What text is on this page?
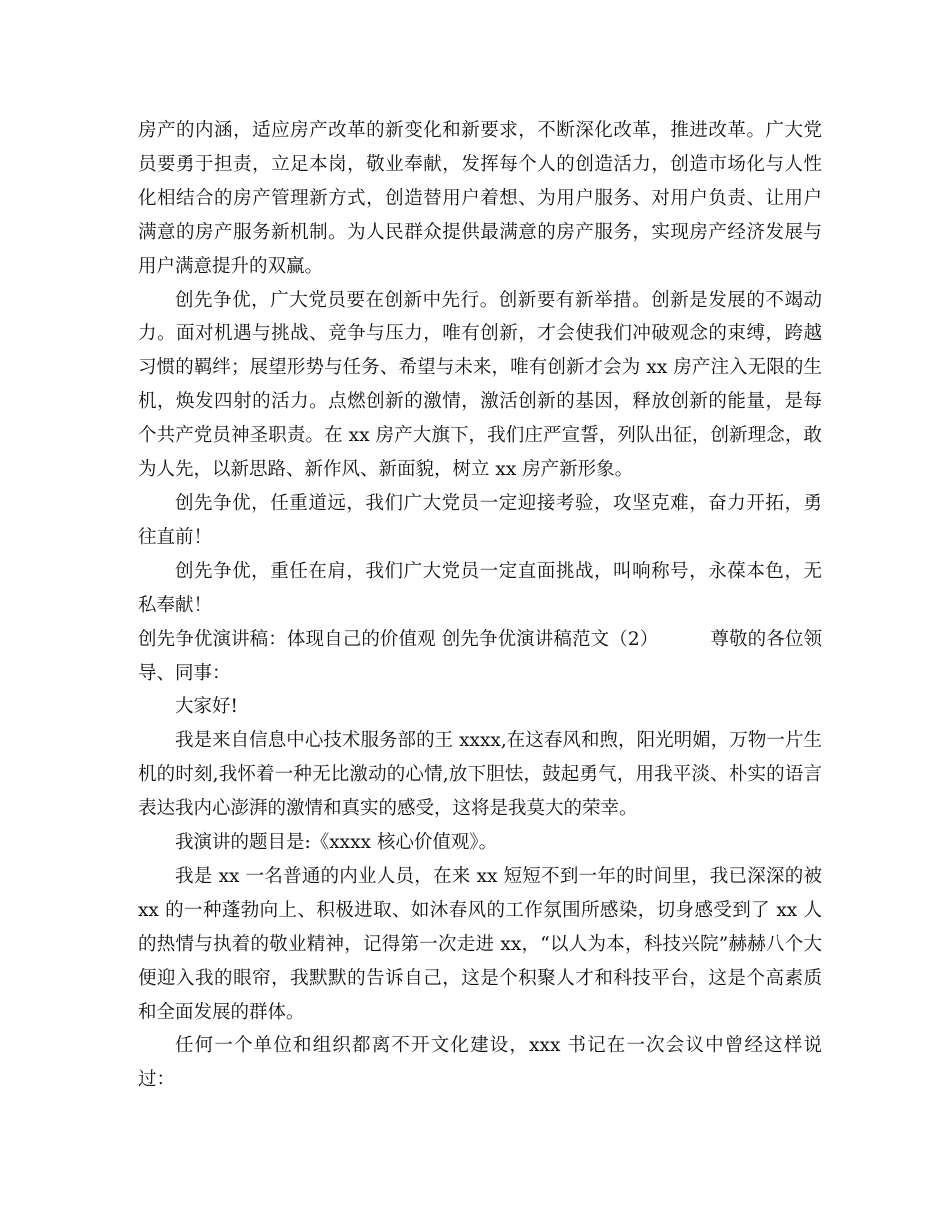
房产的内涵，适应房产改革的新变化和新要求，不断深化改革，推进改革。广大党员要勇于担责，立足本岗，敬业奉献，发挥每个人的创造活力，创造市场化与人性化相结合的房产管理新方式，创造替用户着想、为用户服务、对用户负责、让用户满意的房产服务新机制。为人民群众提供最满意的房产服务，实现房产经济发展与用户满意提升的双赢。

创先争优，广大党员要在创新中先行。创新要有新举措。创新是发展的不竭动力。面对机遇与挑战、竞争与压力，唯有创新，才会使我们冲破观念的束缚，跨越习惯的羁绊；展望形势与任务、希望与未来，唯有创新才会为 xx 房产注入无限的生机，焕发四射的活力。点燃创新的激情，激活创新的基因，释放创新的能量，是每个共产党员神圣职责。在 xx 房产大旗下，我们庄严宣誓，列队出征，创新理念，敢为人先，以新思路、新作风、新面貌，树立 xx 房产新形象。

创先争优，任重道远，我们广大党员一定迎接考验，攻坚克难，奋力开拓，勇往直前！

创先争优，重任在肩，我们广大党员一定直面挑战，叫响称号，永葆本色，无私奉献！

创先争优演讲稿：体现自己的价值观 创先争优演讲稿范文（2）	尊敬的各位领导、同事：

大家好!

我是来自信息中心技术服务部的王 xxxx,在这春风和煦，阳光明媚，万物一片生机的时刻,我怀着一种无比激动的心情,放下胆怯，鼓起勇气，用我平淡、朴实的语言表达我内心澎湃的激情和真实的感受，这将是我莫大的荣幸。

我演讲的题目是:《xxxx 核心价值观》。

我是 xx 一名普通的内业人员，在来 xx 短短不到一年的时间里，我已深深的被 xx 的一种蓬勃向上、积极进取、如沐春风的工作氛围所感染，切身感受到了 xx 人的热情与执着的敬业精神，记得第一次走进 xx，“以人为本，科技兴院”赫赫八个大便迎入我的眼帘，我默默的告诉自己，这是个积聚人才和科技平台，这是个高素质和全面发展的群体。

任何一个单位和组织都离不开文化建设，xxx 书记在一次会议中曾经这样说过：
